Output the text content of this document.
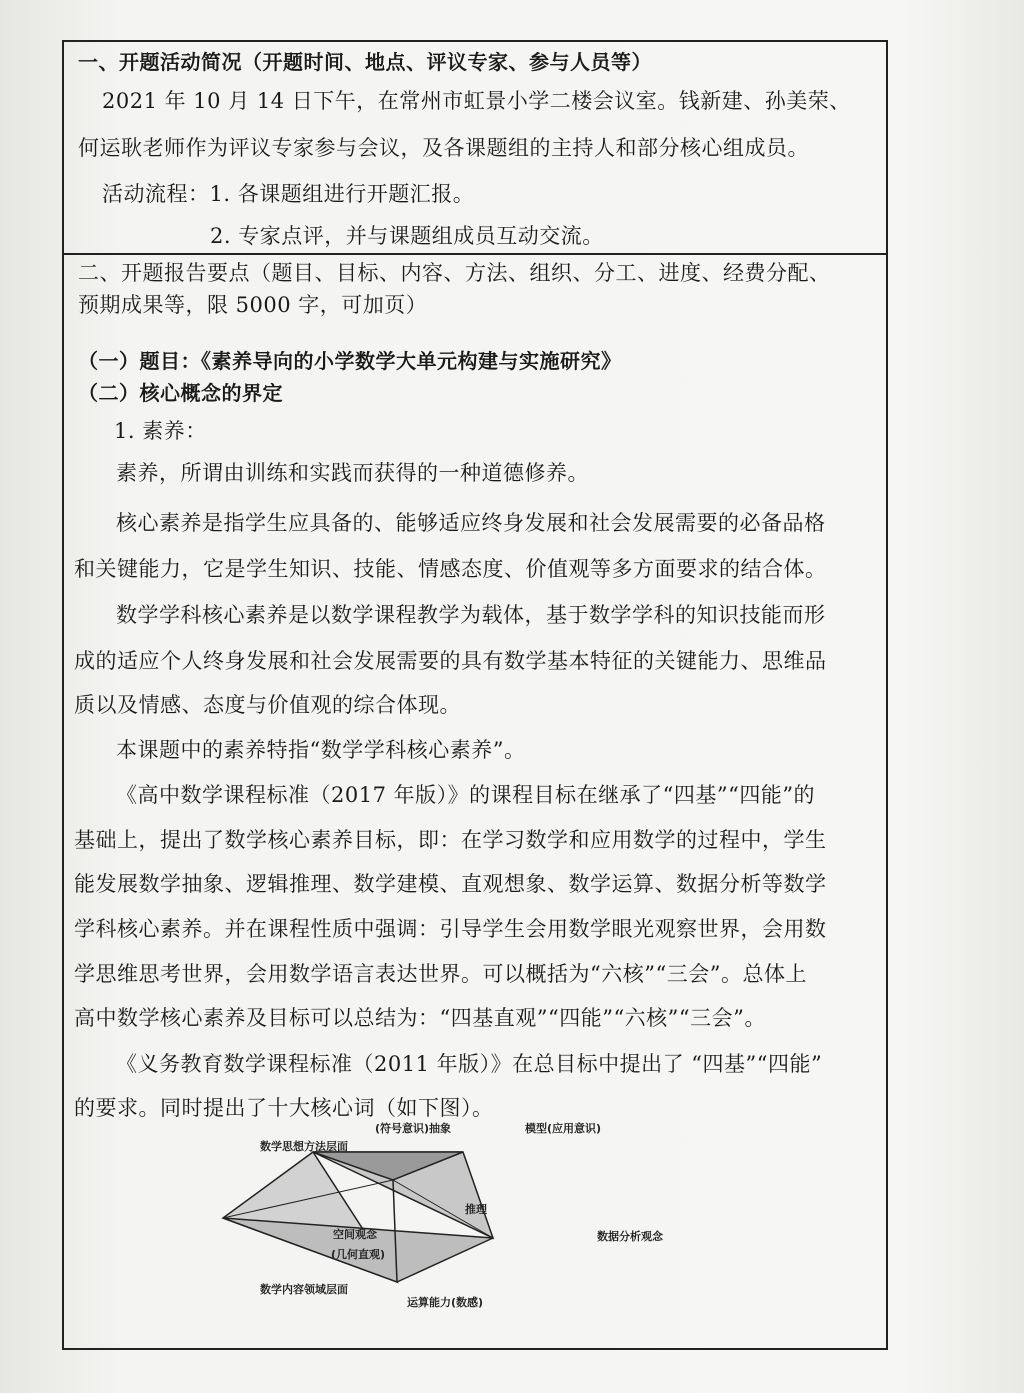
一、开题活动简况（开题时间、地点、评议专家、参与人员等）
2021 年 10 月 14 日下午，在常州市虹景小学二楼会议室。钱新建、孙美荣、
何运耿老师作为评议专家参与会议，及各课题组的主持人和部分核心组成员。
活动流程：1. 各课题组进行开题汇报。
2. 专家点评，并与课题组成员互动交流。
二、开题报告要点（题目、目标、内容、方法、组织、分工、进度、经费分配、
预期成果等，限 5000 字，可加页）
（一）题目：《素养导向的小学数学大单元构建与实施研究》
（二）核心概念的界定
1. 素养：
素养，所谓由训练和实践而获得的一种道德修养。
核心素养是指学生应具备的、能够适应终身发展和社会发展需要的必备品格
和关键能力，它是学生知识、技能、情感态度、价值观等多方面要求的结合体。
数学学科核心素养是以数学课程教学为载体，基于数学学科的知识技能而形
成的适应个人终身发展和社会发展需要的具有数学基本特征的关键能力、思维品
质以及情感、态度与价值观的综合体现。
本课题中的素养特指“数学学科核心素养”。
《高中数学课程标准（2017 年版）》的课程目标在继承了“四基”“四能”的
基础上，提出了数学核心素养目标，即：在学习数学和应用数学的过程中，学生
能发展数学抽象、逻辑推理、数学建模、直观想象、数学运算、数据分析等数学
学科核心素养。并在课程性质中强调：引导学生会用数学眼光观察世界，会用数
学思维思考世界，会用数学语言表达世界。可以概括为“六核”“三会”。总体上
高中数学核心素养及目标可以总结为：“四基直观”“四能”“六核”“三会”。
《义务教育数学课程标准（2011 年版）》在总目标中提出了 “四基”“四能”
的要求。同时提出了十大核心词（如下图）。
(符号意识)抽象	模型(应用意识)
数学思想方法层面
推理
空间观念
(几何直观)
数据分析观念
数学内容领域层面
运算能力(数感)
